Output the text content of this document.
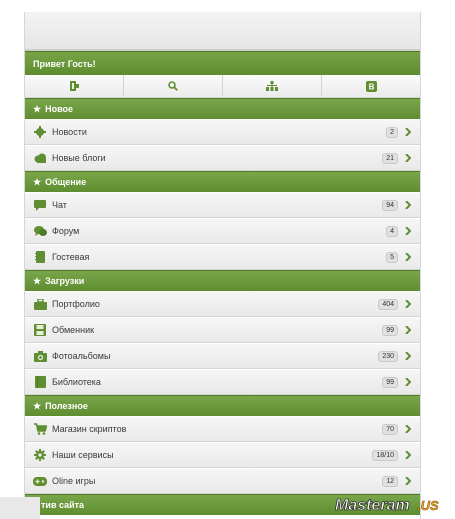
Привет Гость!
B
★ Новое
Новости	2
Новые блоги	21
★ Общение
Чат	94
Форум	4
Гостевая	5
★ Загрузки
Портфолио	404
Обменник	99
Фотоальбомы	230
Библиотека	99
★ Полезное
Магазин скриптов	70
Наши сервисы	18/10
Oline игры	12
тив сайта	Masteram .US
